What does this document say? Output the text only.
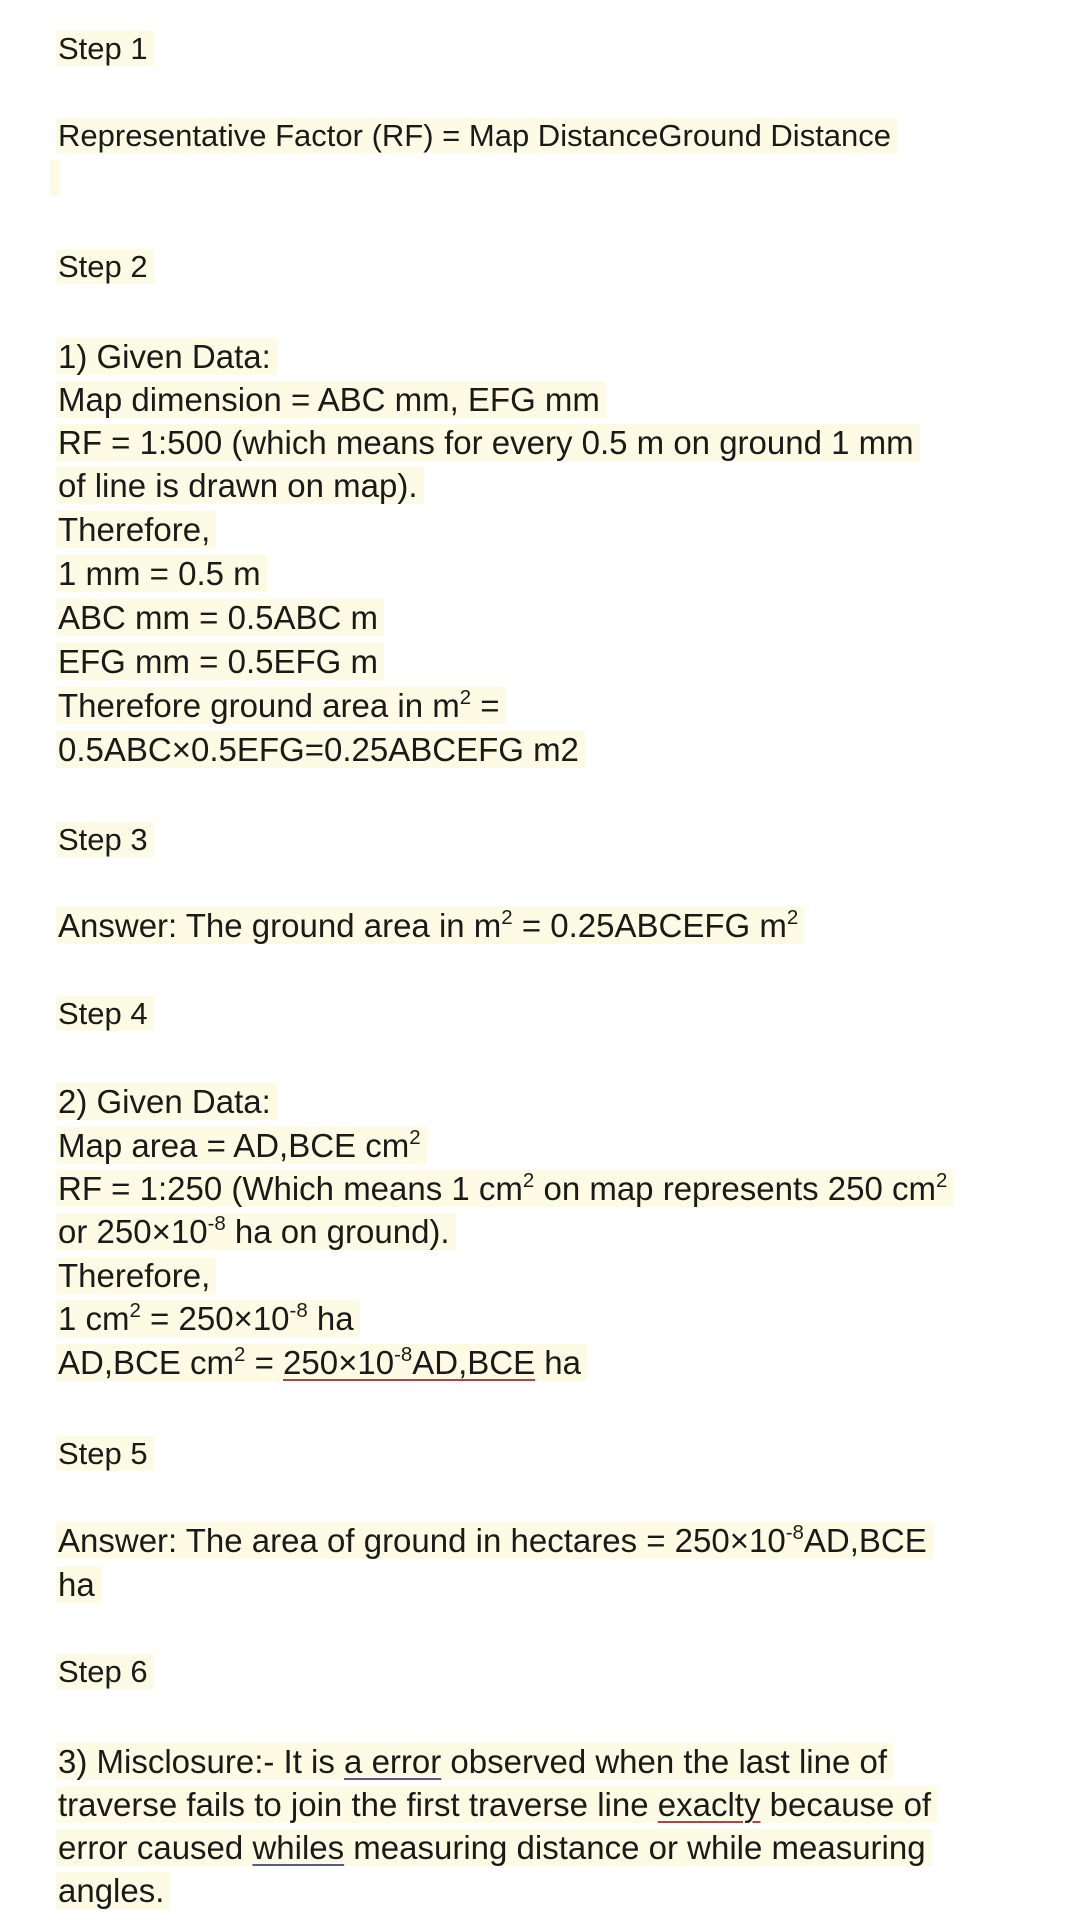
Step 1

Representative Factor (RF) = Map DistanceGround Distance

Step 2

1) Given Data:

Map dimension = ABC mm, EFG mm

RF = 1:500 (which means for every 0.5 m on ground 1 mm

of line is drawn on map).

Therefore,

1 mm = 0.5 m

ABC mm = 0.5ABC m

EFG mm = 0.5EFG m

Therefore ground area in $m^2$ =

0.5ABC×0.5EFG=0.25ABCEFG m2

Step 3

Answer: The ground area in $m^2$ = 0.25ABCEFG $m^2$

Step 4

2) Given Data:

Map area = AD,BCE $cm^2$

RF = 1:250 (Which means 1 $cm^2$ on map represents 250 $cm^2$

or $250\times 10^{-8}$ ha on ground).

Therefore,

1 $cm^2 = 250\times 10^{-8}$ ha

AD,BCE $cm^2 = 250\times 10^{-8}AD,BCE$ ha

Step 5

Answer: The area of ground in hectares = $250\times 10^{-8}AD,BCE$

ha

Step 6

3) Misclosure:- It is a error observed when the last line of

traverse fails to join the first traverse line exaclty because of

error caused whiles measuring distance or while measuring

angles.
